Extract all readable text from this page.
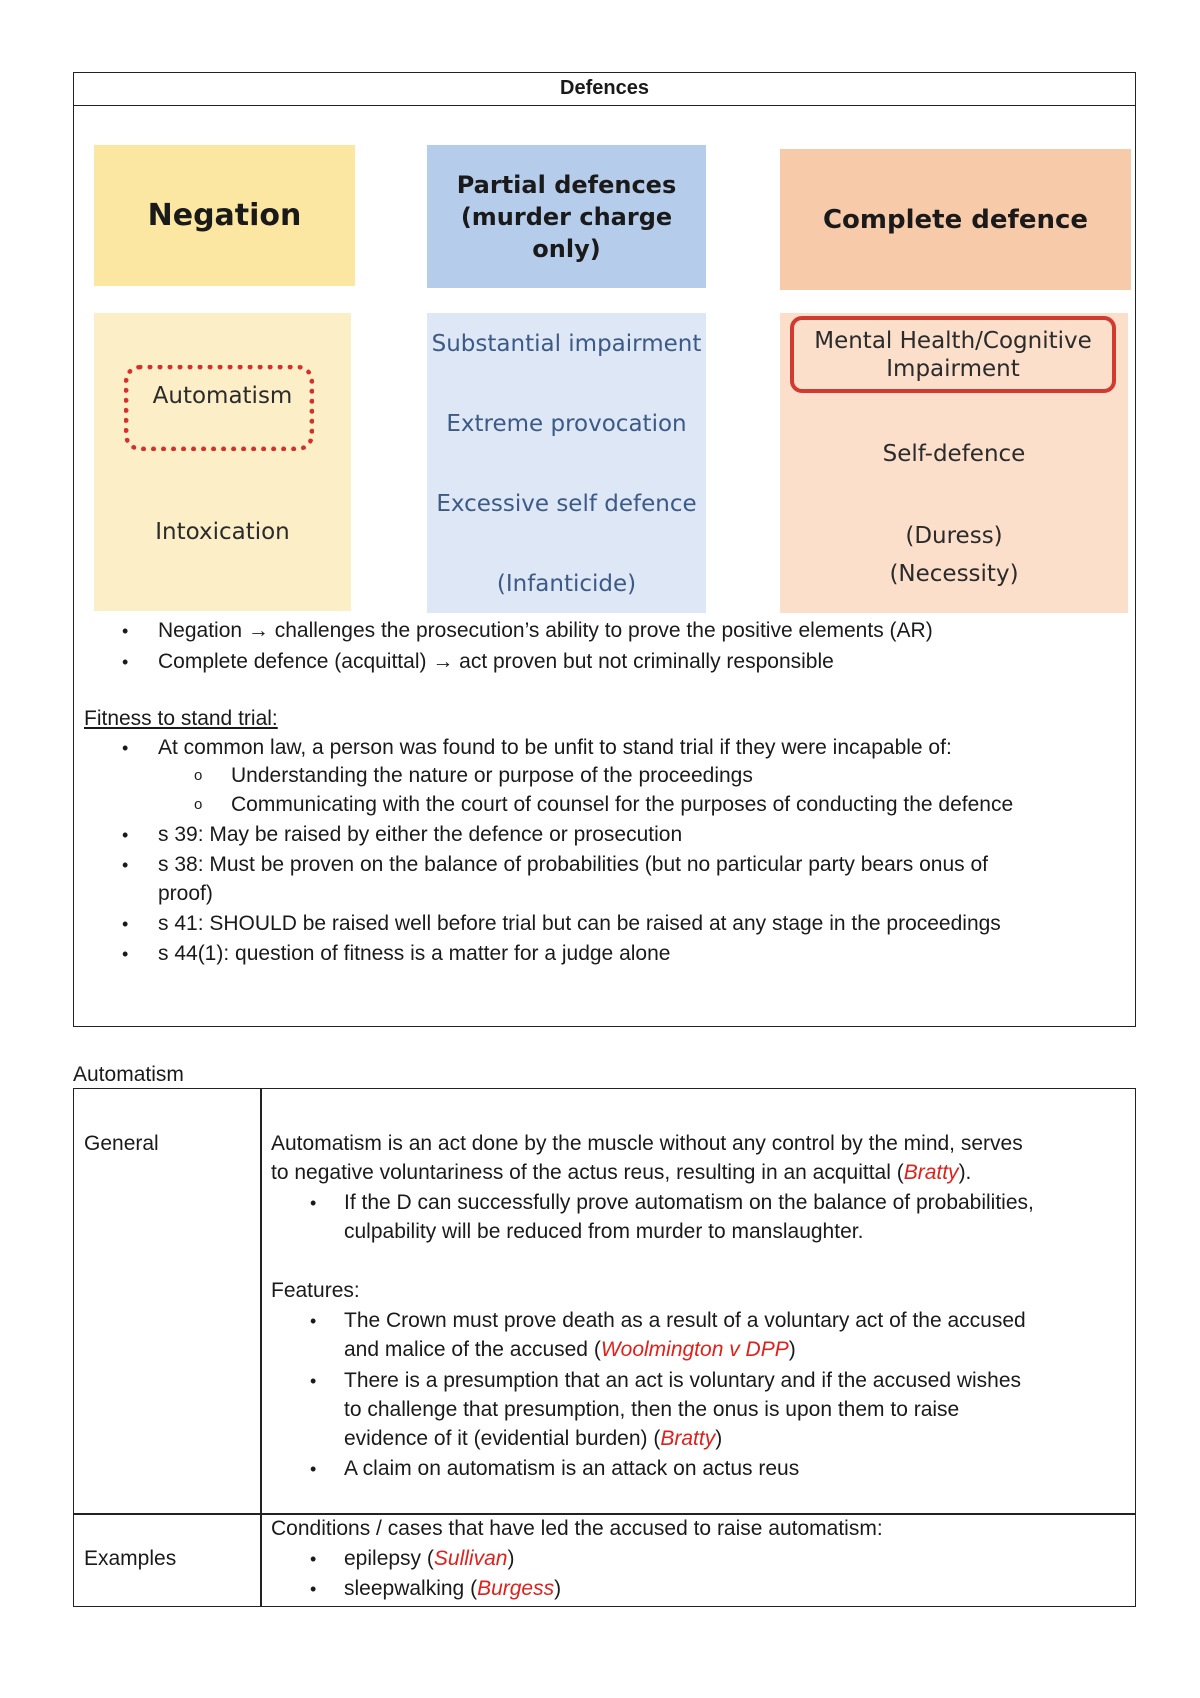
Defences
Negation
Partial defences
(murder charge only)
Complete defence
Automatism
Intoxication
Substantial impairment
Extreme provocation
Excessive self defence
(Infanticide)
Mental Health/Cognitive
Impairment
Self-defence
(Duress)
(Necessity)
• Negation → challenges the prosecution’s ability to prove the positive elements (AR)
• Complete defence (acquittal) → act proven but not criminally responsible
Fitness to stand trial:
• At common law, a person was found to be unfit to stand trial if they were incapable of:
o Understanding the nature or purpose of the proceedings
o Communicating with the court of counsel for the purposes of conducting the defence
• s 39: May be raised by either the defence or prosecution
• s 38: Must be proven on the balance of probabilities (but no particular party bears onus of
proof)
• s 41: SHOULD be raised well before trial but can be raised at any stage in the proceedings
• s 44(1): question of fitness is a matter for a judge alone
Automatism
General	Automatism is an act done by the muscle without any control by the mind, serves
to negative voluntariness of the actus reus, resulting in an acquittal (Bratty).
• If the D can successfully prove automatism on the balance of probabilities,
culpability will be reduced from murder to manslaughter.
Features:
• The Crown must prove death as a result of a voluntary act of the accused
and malice of the accused (Woolmington v DPP)
• There is a presumption that an act is voluntary and if the accused wishes
to challenge that presumption, then the onus is upon them to raise
evidence of it (evidential burden) (Bratty)
• A claim on automatism is an attack on actus reus
Examples
Conditions / cases that have led the accused to raise automatism:
• epilepsy (Sullivan)
• sleepwalking (Burgess)
